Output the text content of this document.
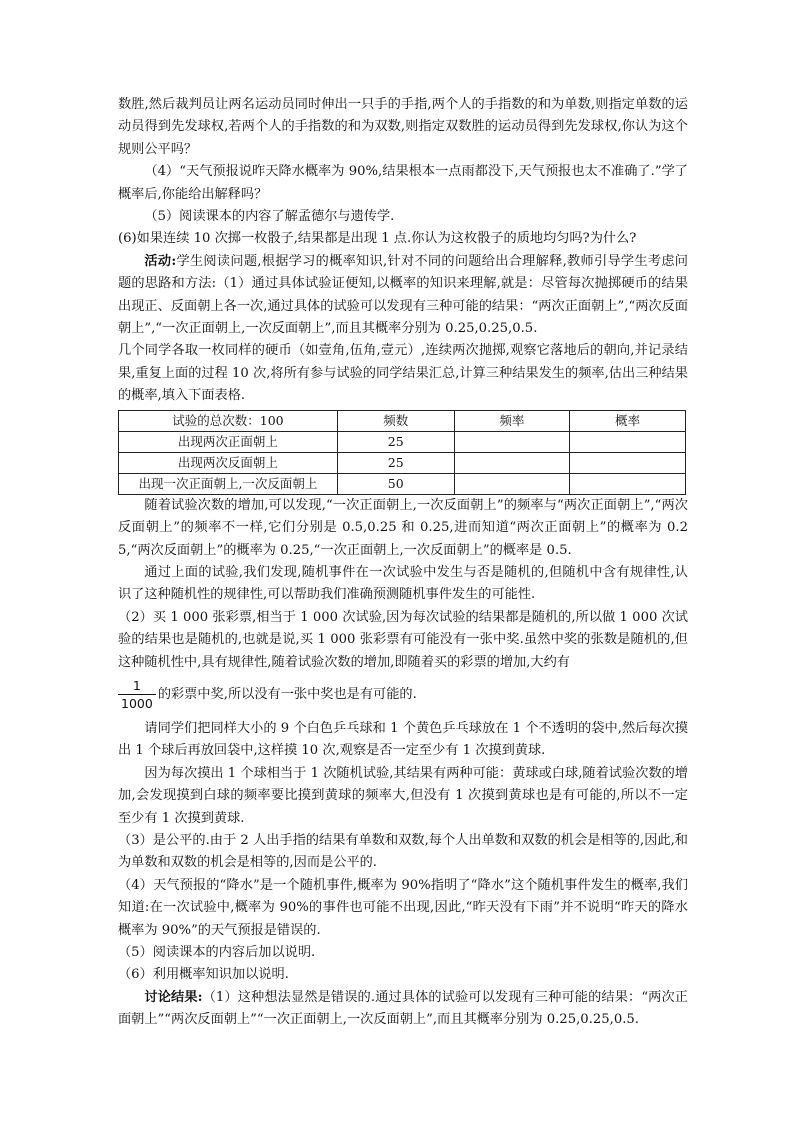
数胜,然后裁判员让两名运动员同时伸出一只手的手指,两个人的手指数的和为单数,则指定单数的运动员得到先发球权,若两个人的手指数的和为双数,则指定双数胜的运动员得到先发球权,你认为这个规则公平吗？

（4）“天气预报说昨天降水概率为 90%,结果根本一点雨都没下,天气预报也太不准确了.”学了概率后,你能给出解释吗？

（5）阅读课本的内容了解孟德尔与遗传学.

(6)如果连续 10 次掷一枚骰子,结果都是出现 1 点.你认为这枚骰子的质地均匀吗?为什么?

活动:学生阅读问题,根据学习的概率知识,针对不同的问题给出合理解释,教师引导学生考虑问题的思路和方法:（1）通过具体试验证便知,以概率的知识来理解,就是：尽管每次抛掷硬币的结果出现正、反面朝上各一次,通过具体的试验可以发现有三种可能的结果：“两次正面朝上”,“两次反面朝上”,“一次正面朝上,一次反面朝上”,而且其概率分别为 0.25,0.25,0.5.

几个同学各取一枚同样的硬币（如壹角,伍角,壹元）,连续两次抛掷,观察它落地后的朝向,并记录结果,重复上面的过程 10 次,将所有参与试验的同学结果汇总,计算三种结果发生的频率,估出三种结果的概率,填入下面表格.

试验的总次数：100	频数	频率	概率
出现两次正面朝上	25		
出现两次反面朝上	25		
出现一次正面朝上,一次反面朝上	50		

随着试验次数的增加,可以发现,“一次正面朝上,一次反面朝上”的频率与“两次正面朝上”,“两次反面朝上”的频率不一样,它们分别是 0.5,0.25 和 0.25,进而知道“两次正面朝上”的概率为 0.25,“两次反面朝上”的概率为 0.25,“一次正面朝上,一次反面朝上”的概率是 0.5.

通过上面的试验,我们发现,随机事件在一次试验中发生与否是随机的,但随机中含有规律性,认识了这种随机性的规律性,可以帮助我们准确预测随机事件发生的可能性.

（2）买 1 000 张彩票,相当于 1 000 次试验,因为每次试验的结果都是随机的,所以做 1 000 次试验的结果也是随机的,也就是说,买 1 000 张彩票有可能没有一张中奖.虽然中奖的张数是随机的,但这种随机性中,具有规律性,随着试验次数的增加,即随着买的彩票的增加,大约有

$\frac{1}{1000}$ 的彩票中奖,所以没有一张中奖也是有可能的.

请同学们把同样大小的 9 个白色乒乓球和 1 个黄色乒乓球放在 1 个不透明的袋中,然后每次摸出 1 个球后再放回袋中,这样摸 10 次,观察是否一定至少有 1 次摸到黄球.

因为每次摸出 1 个球相当于 1 次随机试验,其结果有两种可能：黄球或白球,随着试验次数的增加,会发现摸到白球的频率要比摸到黄球的频率大,但没有 1 次摸到黄球也是有可能的,所以不一定至少有 1 次摸到黄球.

（3）是公平的.由于 2 人出手指的结果有单数和双数,每个人出单数和双数的机会是相等的,因此,和为单数和双数的机会是相等的,因而是公平的.

（4）天气预报的“降水”是一个随机事件,概率为 90%指明了“降水”这个随机事件发生的概率,我们知道:在一次试验中,概率为 90%的事件也可能不出现,因此,“昨天没有下雨”并不说明“昨天的降水概率为 90%”的天气预报是错误的.

（5）阅读课本的内容后加以说明.

（6）利用概率知识加以说明.

讨论结果:（1）这种想法显然是错误的.通过具体的试验可以发现有三种可能的结果：“两次正面朝上”“两次反面朝上”“一次正面朝上,一次反面朝上”,而且其概率分别为 0.25,0.25,0.5.
